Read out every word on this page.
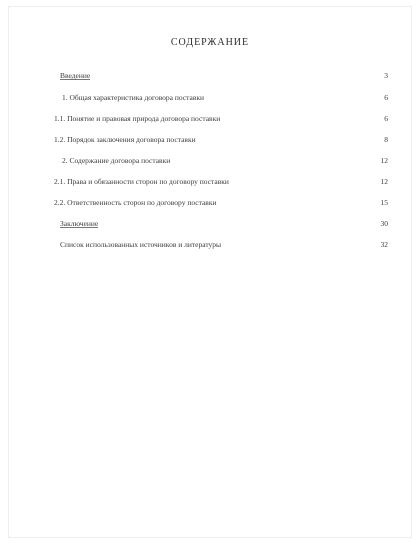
СОДЕРЖАНИЕ
Введение	3
1. Общая характеристика договора поставки	6
1.1. Понятие и правовая природа договора поставки	6
1.2. Порядок заключения договора поставки	8
2. Содержание договора поставки	12
2.1. Права и обязанности сторон по договору поставки	12
2.2. Ответственность сторон по договору поставки	15
Заключение	30
Список использованных источников и литературы	32
